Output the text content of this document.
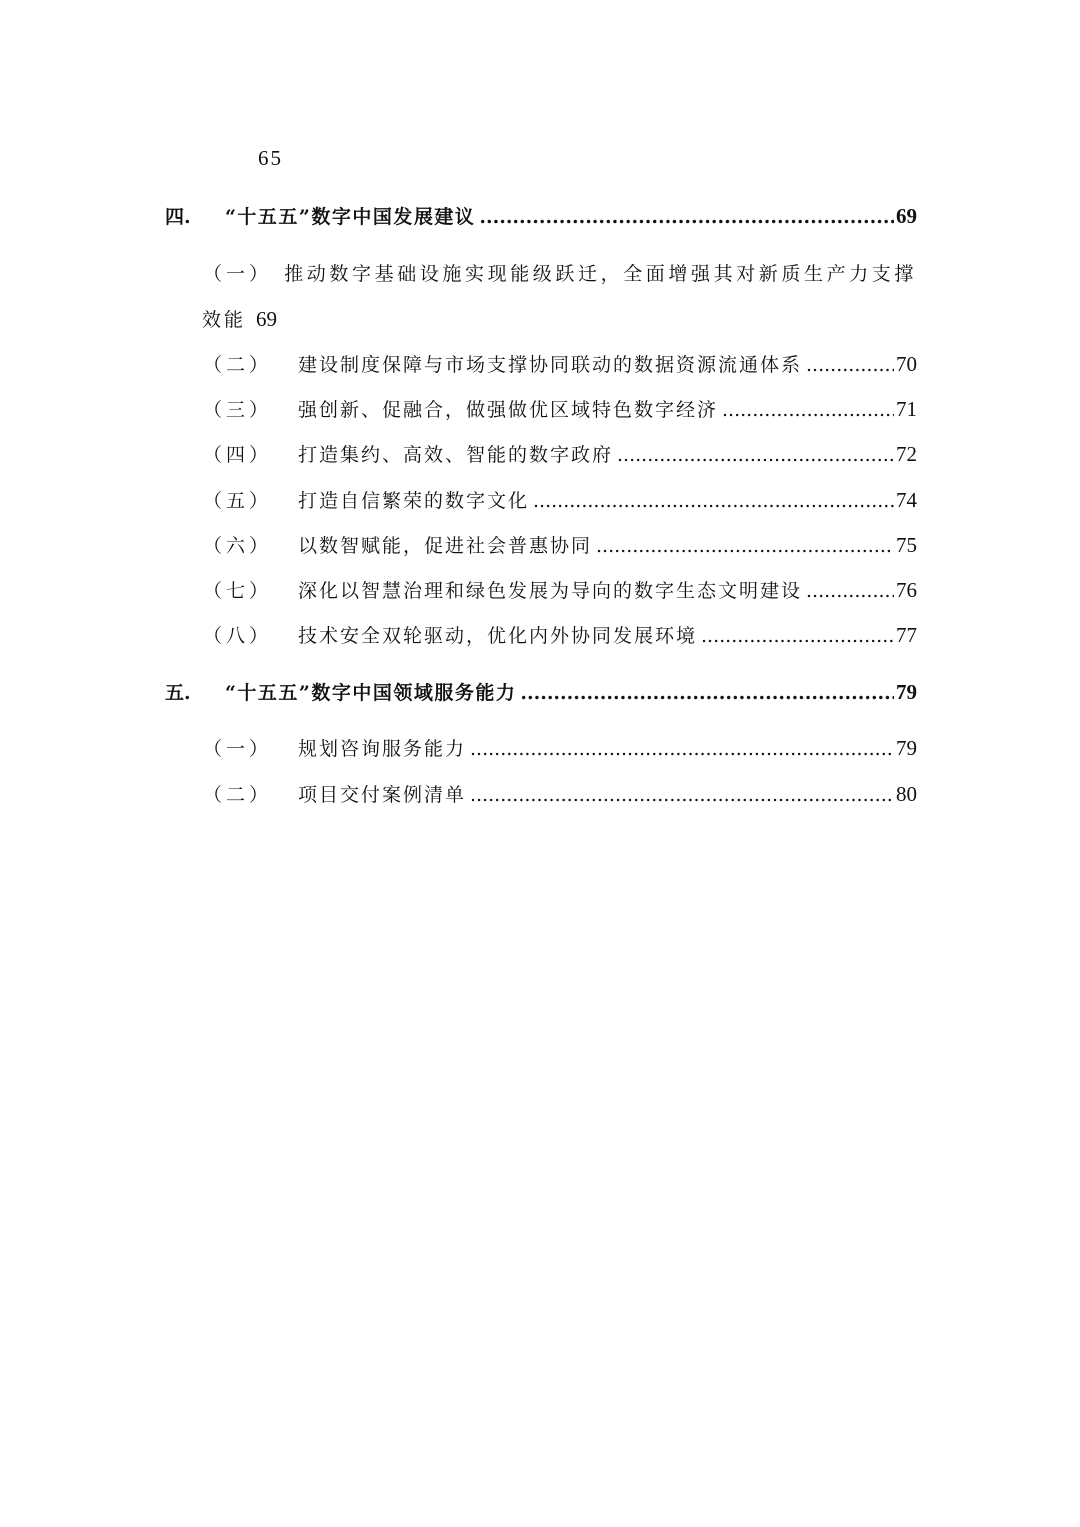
65
四.	“十五五”数字中国发展建议 .....	69
（一） 推动数字基础设施实现能级跃迁，全面增强其对新质生产力支撑
效能 69
（二）	建设制度保障与市场支撑协同联动的数据资源流通体系 .....	70
（三）	强创新、促融合，做强做优区域特色数字经济 .....	71
（四）	打造集约、高效、智能的数字政府 .....	72
（五）	打造自信繁荣的数字文化 .....	74
（六）	以数智赋能，促进社会普惠协同 .....	75
（七）	深化以智慧治理和绿色发展为导向的数字生态文明建设 .....	76
（八）	技术安全双轮驱动，优化内外协同发展环境 .....	77
五.	“十五五”数字中国领域服务能力 .....	79
（一）	规划咨询服务能力 .....	79
（二）	项目交付案例清单 .....	80
